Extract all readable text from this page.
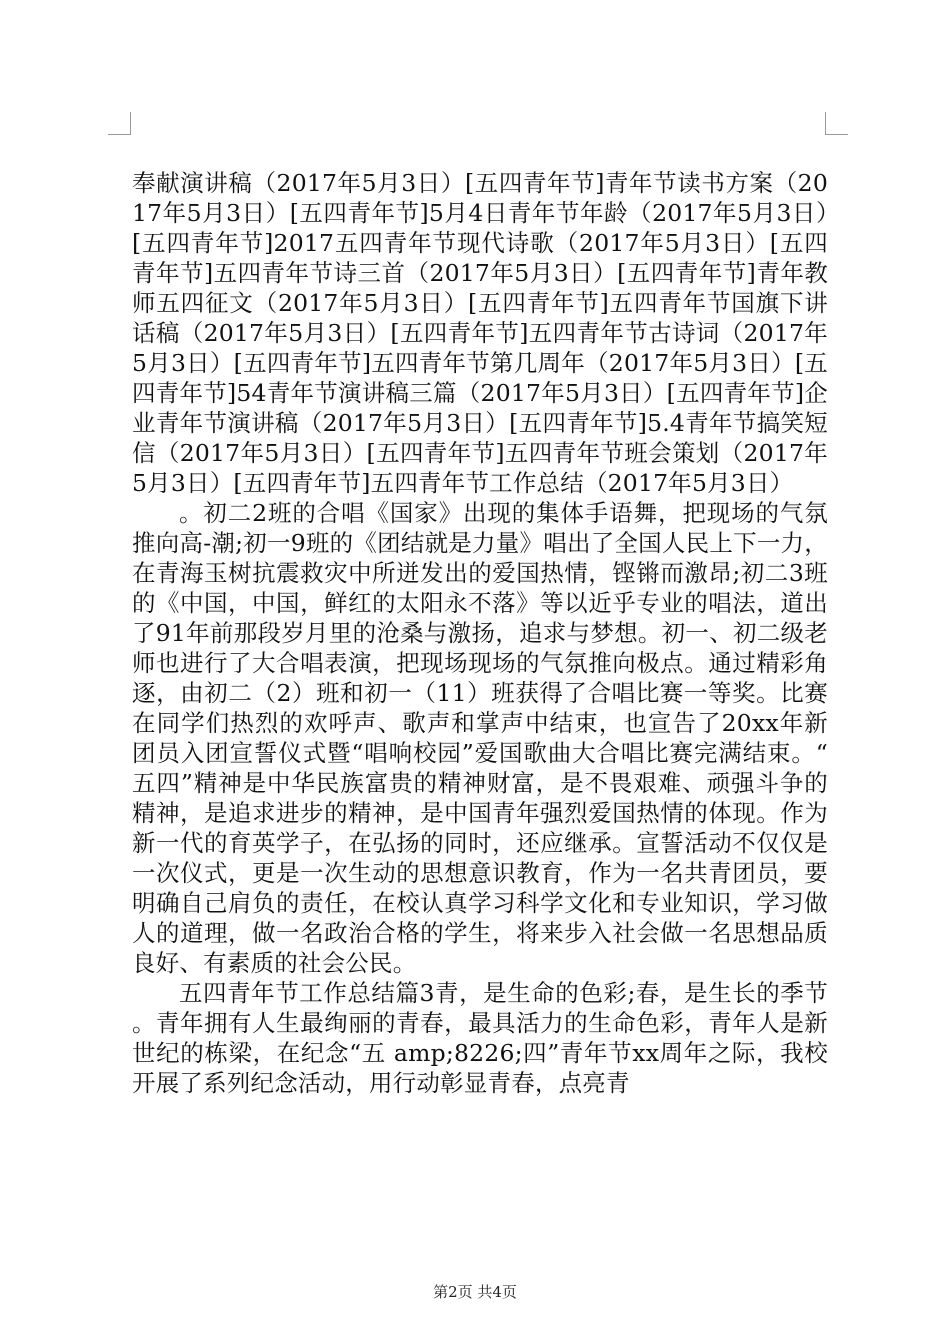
奉献演讲稿（2017年5月3日）[五四青年节]青年节读书方案（2017年5月3日）[五四青年节]5月4日青年节年龄（2017年5月3日）[五四青年节]2017五四青年节现代诗歌（2017年5月3日）[五四青年节]五四青年节诗三首（2017年5月3日）[五四青年节]青年教师五四征文（2017年5月3日）[五四青年节]五四青年节国旗下讲话稿（2017年5月3日）[五四青年节]五四青年节古诗词（2017年5月3日）[五四青年节]五四青年节第几周年（2017年5月3日）[五四青年节]54青年节演讲稿三篇（2017年5月3日）[五四青年节]企业青年节演讲稿（2017年5月3日）[五四青年节]5.4青年节搞笑短信（2017年5月3日）[五四青年节]五四青年节班会策划（2017年5月3日）[五四青年节]五四青年节工作总结（2017年5月3日）

。初二2班的合唱《国家》出现的集体手语舞，把现场的气氛推向高-潮;初一9班的《团结就是力量》唱出了全国人民上下一力，在青海玉树抗震救灾中所迸发出的爱国热情，铿锵而激昂;初二3班的《中国，中国，鲜红的太阳永不落》等以近乎专业的唱法，道出了91年前那段岁月里的沧桑与激扬，追求与梦想。初一、初二级老师也进行了大合唱表演，把现场现场的气氛推向极点。通过精彩角逐，由初二（2）班和初一（11）班获得了合唱比赛一等奖。比赛在同学们热烈的欢呼声、歌声和掌声中结束，也宣告了20xx年新团员入团宣誓仪式暨“唱响校园”爱国歌曲大合唱比赛完满结束。“五四”精神是中华民族富贵的精神财富，是不畏艰难、顽强斗争的精神，是追求进步的精神，是中国青年强烈爱国热情的体现。作为新一代的育英学子，在弘扬的同时，还应继承。宣誓活动不仅仅是一次仪式，更是一次生动的思想意识教育，作为一名共青团员，要明确自己肩负的责任，在校认真学习科学文化和专业知识，学习做人的道理，做一名政治合格的学生，将来步入社会做一名思想品质良好、有素质的社会公民。

五四青年节工作总结篇3青，是生命的色彩;春，是生长的季节。青年拥有人生最绚丽的青春，最具活力的生命色彩，青年人是新世纪的栋梁，在纪念“五 amp;8226;四”青年节xx周年之际，我校开展了系列纪念活动，用行动彰显青春，点亮青

第2页 共4页
